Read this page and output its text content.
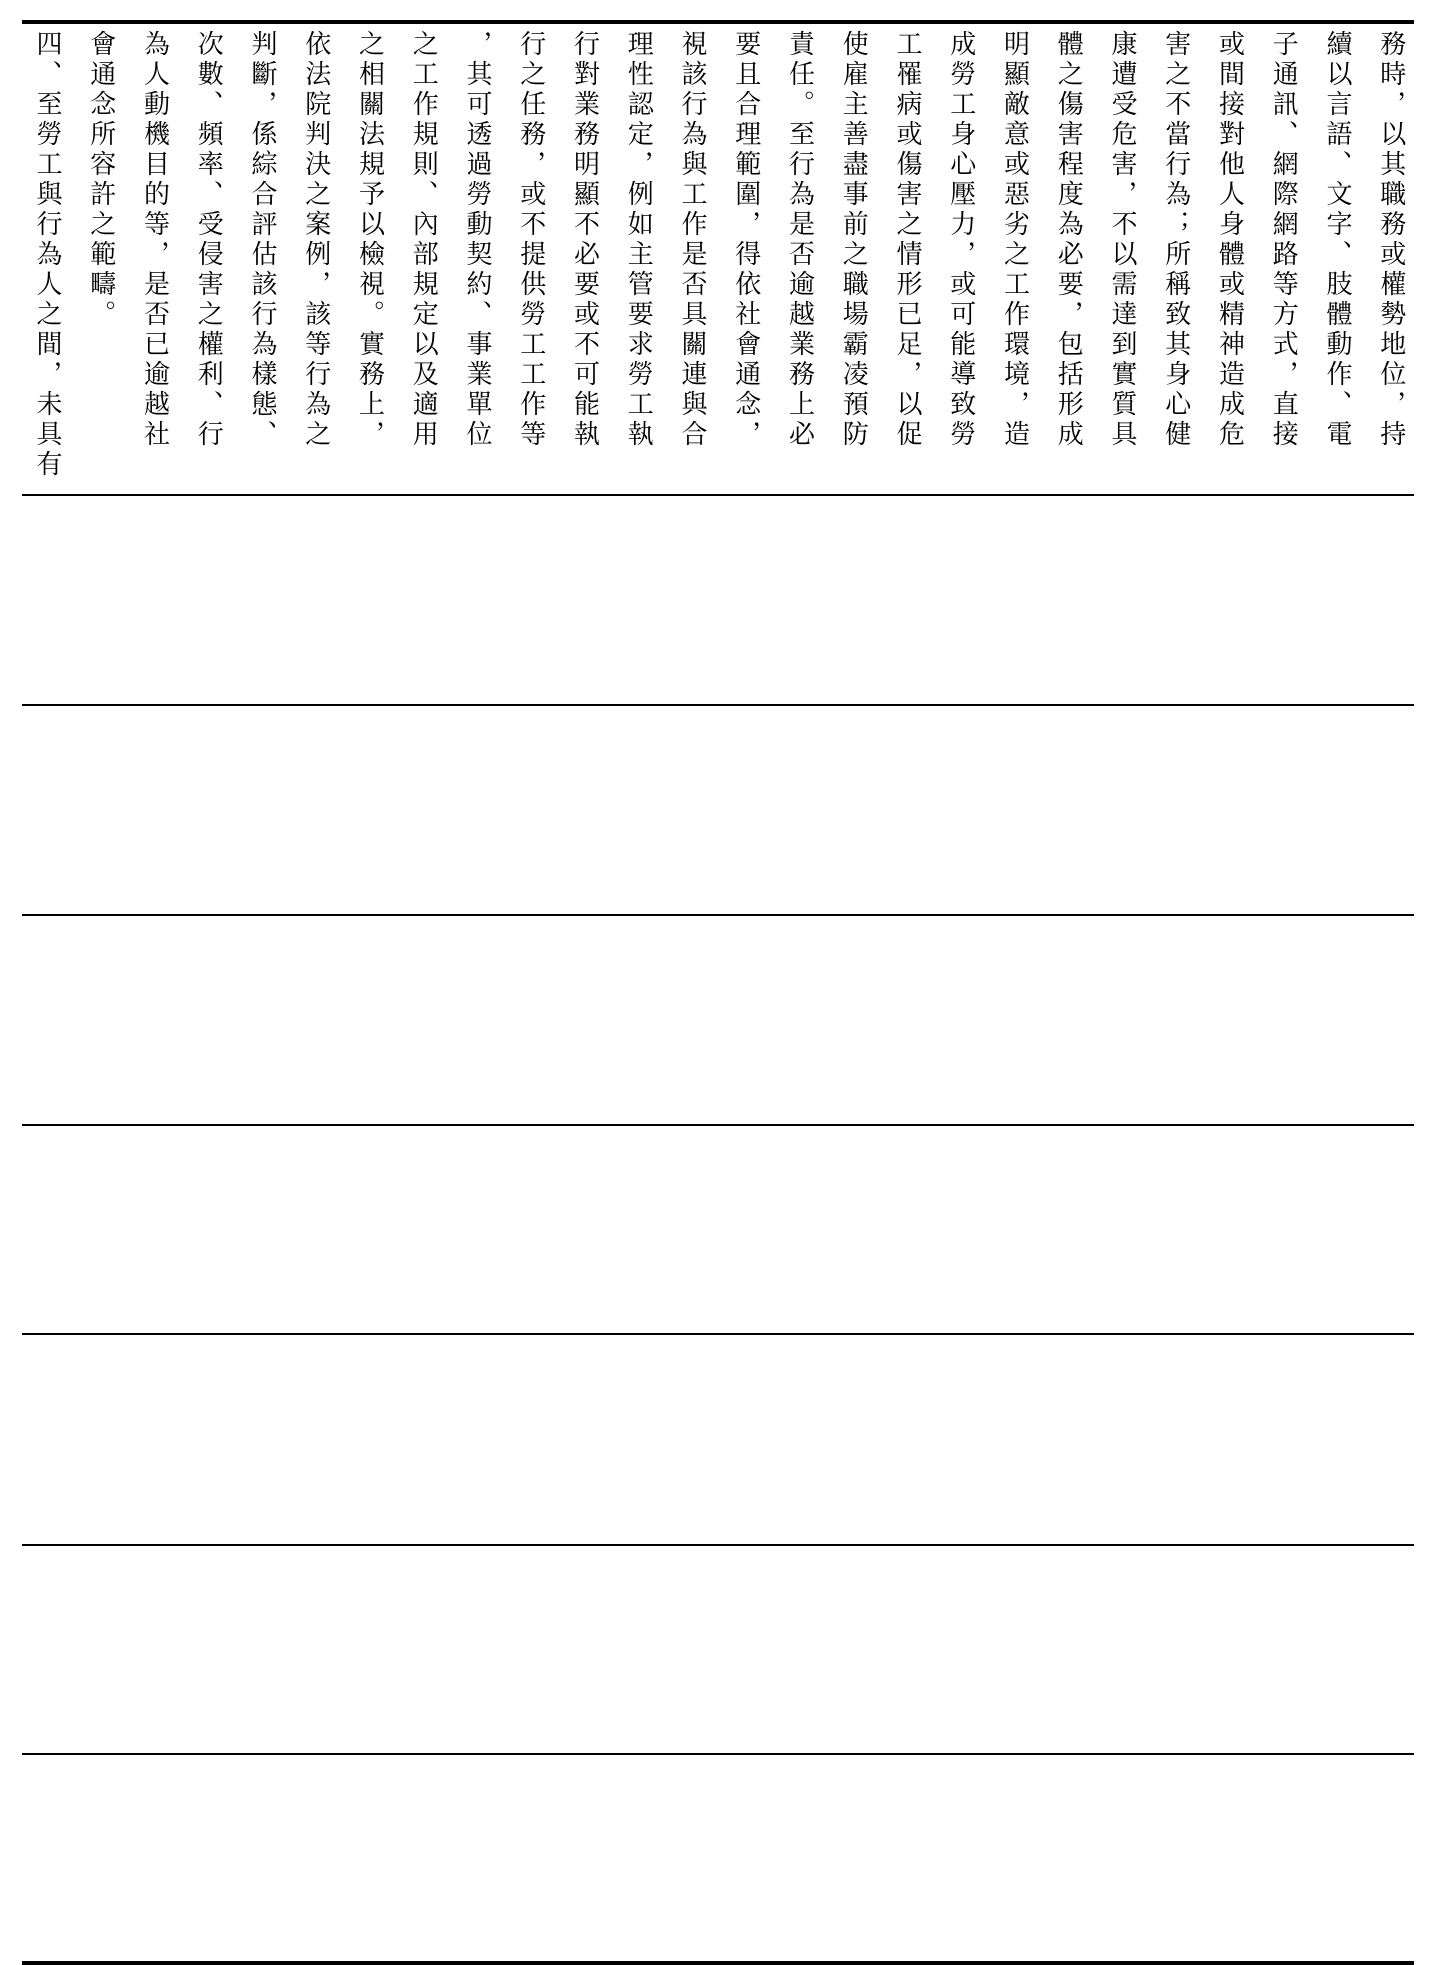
務時，以其職務或權勢地位，持
續以言語、文字、肢體動作、電
子通訊、網際網路等方式，直接
或間接對他人身體或精神造成危
害之不當行為；所稱致其身心健
康遭受危害，不以需達到實質具
體之傷害程度為必要，包括形成
明顯敵意或惡劣之工作環境，造
成勞工身心壓力，或可能導致勞
工罹病或傷害之情形已足，以促
使雇主善盡事前之職場霸凌預防
責任。至行為是否逾越業務上必
要且合理範圍，得依社會通念，
視該行為與工作是否具關連與合
理性認定，例如主管要求勞工執
行對業務明顯不必要或不可能執
行之任務，或不提供勞工工作等
，其可透過勞動契約、事業單位
之工作規則、內部規定以及適用
之相關法規予以檢視。實務上，
依法院判決之案例，該等行為之
判斷，係綜合評估該行為樣態、
次數、頻率、受侵害之權利、行
為人動機目的等，是否已逾越社
會通念所容許之範疇。
四、至勞工與行為人之間，未具有
